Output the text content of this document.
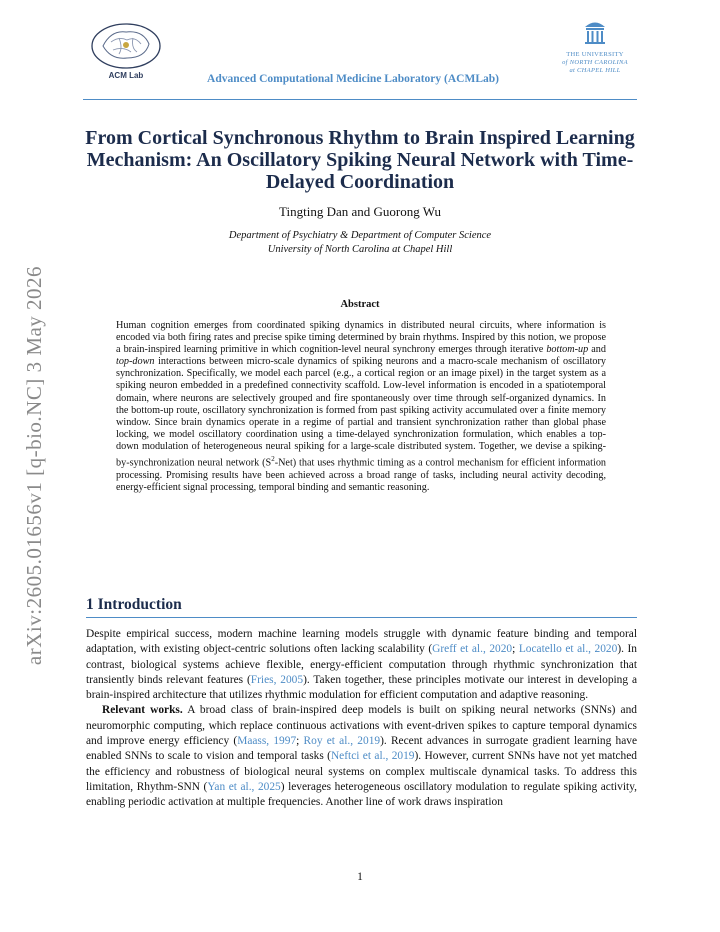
arXiv:2605.01656v1 [q-bio.NC] 3 May 2026
ACM Lab	Advanced Computational Medicine Laboratory (ACMLab)
THE UNIVERSITY
of NORTH CAROLINA
at CHAPEL HILL
From Cortical Synchronous Rhythm to Brain Inspired Learning Mechanism: An Oscillatory Spiking Neural Network with Time-Delayed Coordination
Tingting Dan and Guorong Wu
Department of Psychiatry & Department of Computer Science
University of North Carolina at Chapel Hill
Abstract
Human cognition emerges from coordinated spiking dynamics in distributed neural circuits, where information is encoded via both firing rates and precise spike timing determined by brain rhythms. Inspired by this notion, we propose a brain-inspired learning primitive in which cognition-level neural synchrony emerges through iterative bottom-up and top-down interactions between micro-scale dynamics of spiking neurons and a macro-scale mechanism of oscillatory synchronization. Specifically, we model each parcel (e.g., a cortical region or an image pixel) in the target system as a spiking neuron embedded in a predefined connectivity scaffold. Low-level information is encoded in a spatiotemporal domain, where neurons are selectively grouped and fire spontaneously over time through self-organized dynamics. In the bottom-up route, oscillatory synchronization is formed from past spiking activity accumulated over a finite memory window. Since brain dynamics operate in a regime of partial and transient synchronization rather than global phase locking, we model oscillatory coordination using a time-delayed synchronization formulation, which enables a top-down modulation of heterogeneous neural spiking for a large-scale distributed system. Together, we devise a spiking-by-synchronization neural network $(S^2-Net)$ that uses rhythmic timing as a control mechanism for efficient information processing. Promising results have been achieved across a broad range of tasks, including neural activity decoding, energy-efficient signal processing, temporal binding and semantic reasoning.
1 Introduction

Despite empirical success, modern machine learning models struggle with dynamic feature binding and temporal adaptation, with existing object-centric solutions often lacking scalability (Greff et al., 2020; Locatello et al., 2020). In contrast, biological systems achieve flexible, energy-efficient computation through rhythmic synchronization that transiently binds relevant features (Fries, 2005). Taken together, these principles motivate our interest in developing a brain-inspired architecture that utilizes rhythmic modulation for efficient computation and adaptive reasoning.

Relevant works. A broad class of brain-inspired deep models is built on spiking neural networks (SNNs) and neuromorphic computing, which replace continuous activations with event-driven spikes to capture temporal dynamics and improve energy efficiency (Maass, 1997; Roy et al., 2019). Recent advances in surrogate gradient learning have enabled SNNs to scale to vision and temporal tasks (Neftci et al., 2019). However, current SNNs have not yet matched the efficiency and robustness of biological neural systems on complex multiscale dynamical tasks. To address this limitation, Rhythm-SNN (Yan et al., 2025) leverages heterogeneous oscillatory modulation to regulate spiking activity, enabling periodic activation at multiple frequencies. Another line of work draws inspiration

1
